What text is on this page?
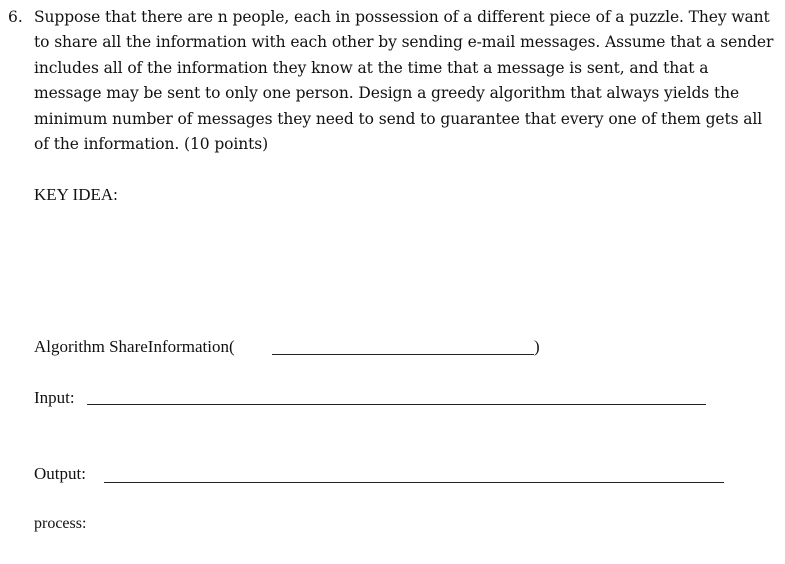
6. Suppose that there are n people, each in possession of a different piece of a puzzle. They want to share all the information with each other by sending e-mail messages. Assume that a sender includes all of the information they know at the time that a message is sent, and that a message may be sent to only one person. Design a greedy algorithm that always yields the minimum number of messages they need to send to guarantee that every one of them gets all of the information. (10 points)
KEY IDEA:
Algorithm ShareInformation(	)
Input:
Output:
process:
